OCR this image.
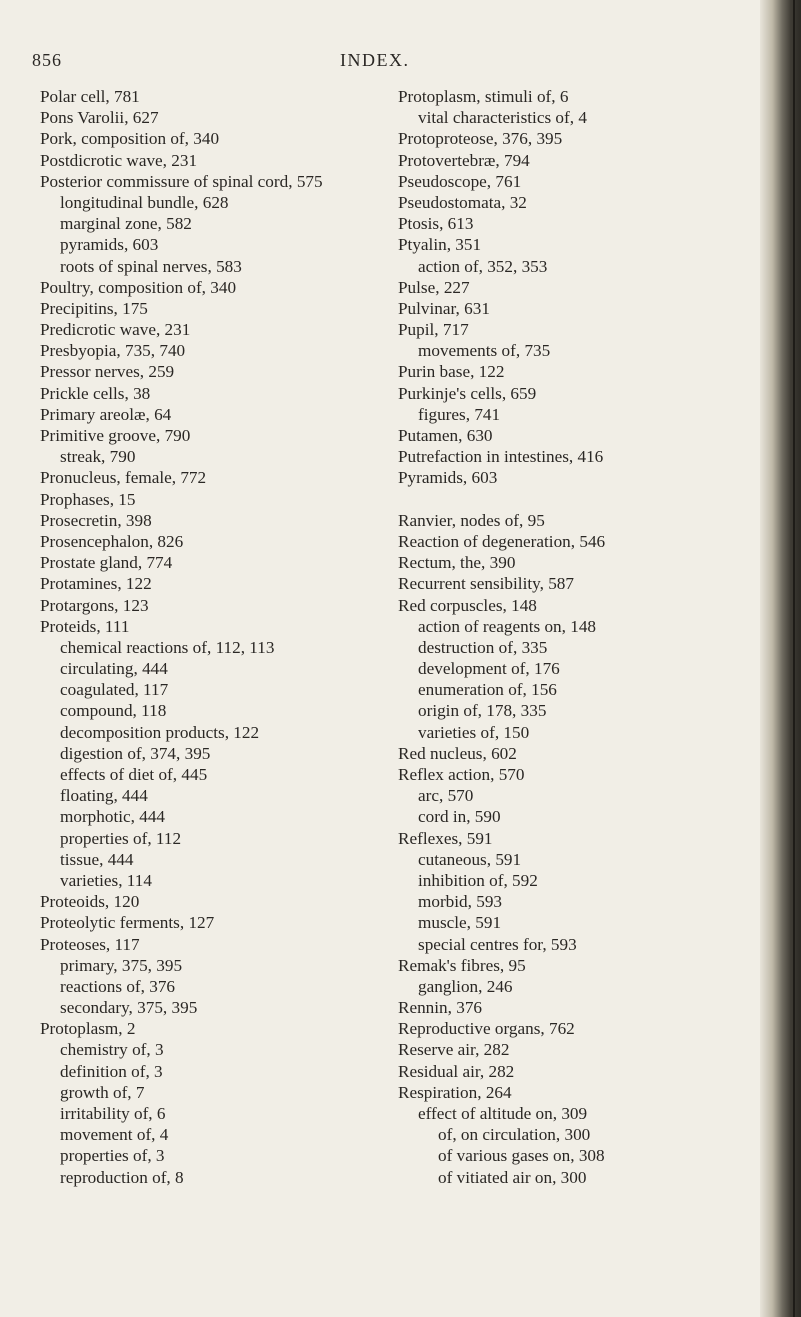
856	INDEX.
Polar cell, 781
Pons Varolii, 627
Pork, composition of, 340
Postdicrotic wave, 231
Posterior commissure of spinal cord, 575
longitudinal bundle, 628
marginal zone, 582
pyramids, 603
roots of spinal nerves, 583
Poultry, composition of, 340
Precipitins, 175
Predicrotic wave, 231
Presbyopia, 735, 740
Pressor nerves, 259
Prickle cells, 38
Primary areolæ, 64
Primitive groove, 790
streak, 790
Pronucleus, female, 772
Prophases, 15
Prosecretin, 398
Prosencephalon, 826
Prostate gland, 774
Protamines, 122
Protargons, 123
Proteids, 111
chemical reactions of, 112, 113
circulating, 444
coagulated, 117
compound, 118
decomposition products, 122
digestion of, 374, 395
effects of diet of, 445
floating, 444
morphotic, 444
properties of, 112
tissue, 444
varieties, 114
Proteoids, 120
Proteolytic ferments, 127
Proteoses, 117
primary, 375, 395
reactions of, 376
secondary, 375, 395
Protoplasm, 2
chemistry of, 3
definition of, 3
growth of, 7
irritability of, 6
movement of, 4
properties of, 3
reproduction of, 8
Protoplasm, stimuli of, 6
vital characteristics of, 4
Protoproteose, 376, 395
Protovertebræ, 794
Pseudoscope, 761
Pseudostomata, 32
Ptosis, 613
Ptyalin, 351
action of, 352, 353
Pulse, 227
Pulvinar, 631
Pupil, 717
movements of, 735
Purin base, 122
Purkinje's cells, 659
figures, 741
Putamen, 630
Putrefaction in intestines, 416
Pyramids, 603
Ranvier, nodes of, 95
Reaction of degeneration, 546
Rectum, the, 390
Recurrent sensibility, 587
Red corpuscles, 148
action of reagents on, 148
destruction of, 335
development of, 176
enumeration of, 156
origin of, 178, 335
varieties of, 150
Red nucleus, 602
Reflex action, 570
arc, 570
cord in, 590
Reflexes, 591
cutaneous, 591
inhibition of, 592
morbid, 593
muscle, 591
special centres for, 593
Remak's fibres, 95
ganglion, 246
Rennin, 376
Reproductive organs, 762
Reserve air, 282
Residual air, 282
Respiration, 264
effect of altitude on, 309
of, on circulation, 300
of various gases on, 308
of vitiated air on, 300
